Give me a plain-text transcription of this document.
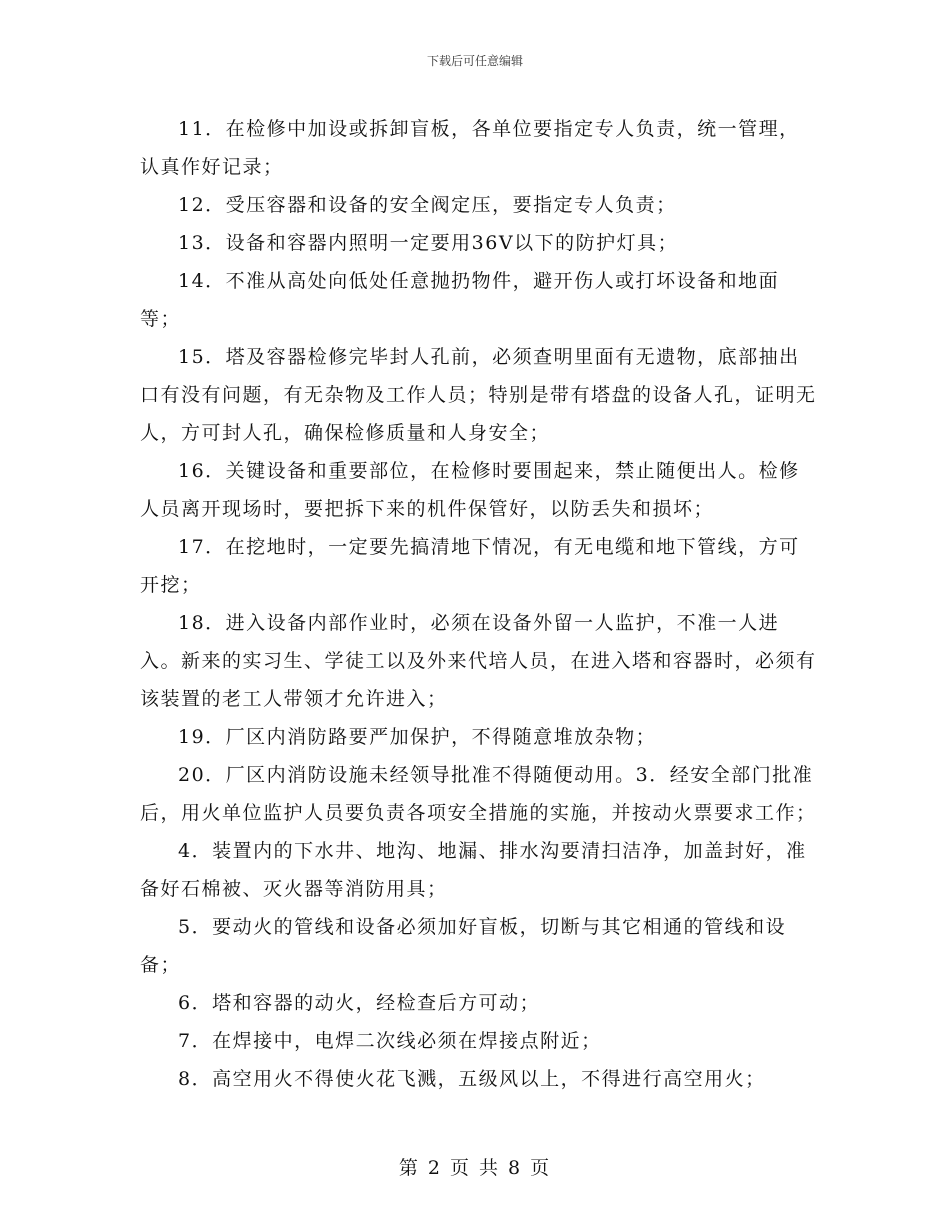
下载后可任意编辑

11．在检修中加设或拆卸盲板，各单位要指定专人负责，统一管理，认真作好记录；

12．受压容器和设备的安全阀定压，要指定专人负责；

13．设备和容器内照明一定要用36V以下的防护灯具；

14．不准从高处向低处任意抛扔物件，避开伤人或打坏设备和地面等；

15．塔及容器检修完毕封人孔前，必须查明里面有无遗物，底部抽出口有没有问题，有无杂物及工作人员；特别是带有塔盘的设备人孔，证明无人，方可封人孔，确保检修质量和人身安全；

16．关键设备和重要部位，在检修时要围起来，禁止随便出人。检修人员离开现场时，要把拆下来的机件保管好，以防丢失和损坏；

17．在挖地时，一定要先搞清地下情况，有无电缆和地下管线，方可开挖；

18．进入设备内部作业时，必须在设备外留一人监护，不准一人进入。新来的实习生、学徒工以及外来代培人员，在进入塔和容器时，必须有该装置的老工人带领才允许进入；

19．厂区内消防路要严加保护，不得随意堆放杂物；

20．厂区内消防设施未经领导批准不得随便动用。3．经安全部门批准后，用火单位监护人员要负责各项安全措施的实施，并按动火票要求工作；

4．装置内的下水井、地沟、地漏、排水沟要清扫洁净，加盖封好，准备好石棉被、灭火器等消防用具；

5．要动火的管线和设备必须加好盲板，切断与其它相通的管线和设备；

6．塔和容器的动火，经检查后方可动；

7．在焊接中，电焊二次线必须在焊接点附近；

8．高空用火不得使火花飞溅，五级风以上，不得进行高空用火；

第 2 页 共 8 页
